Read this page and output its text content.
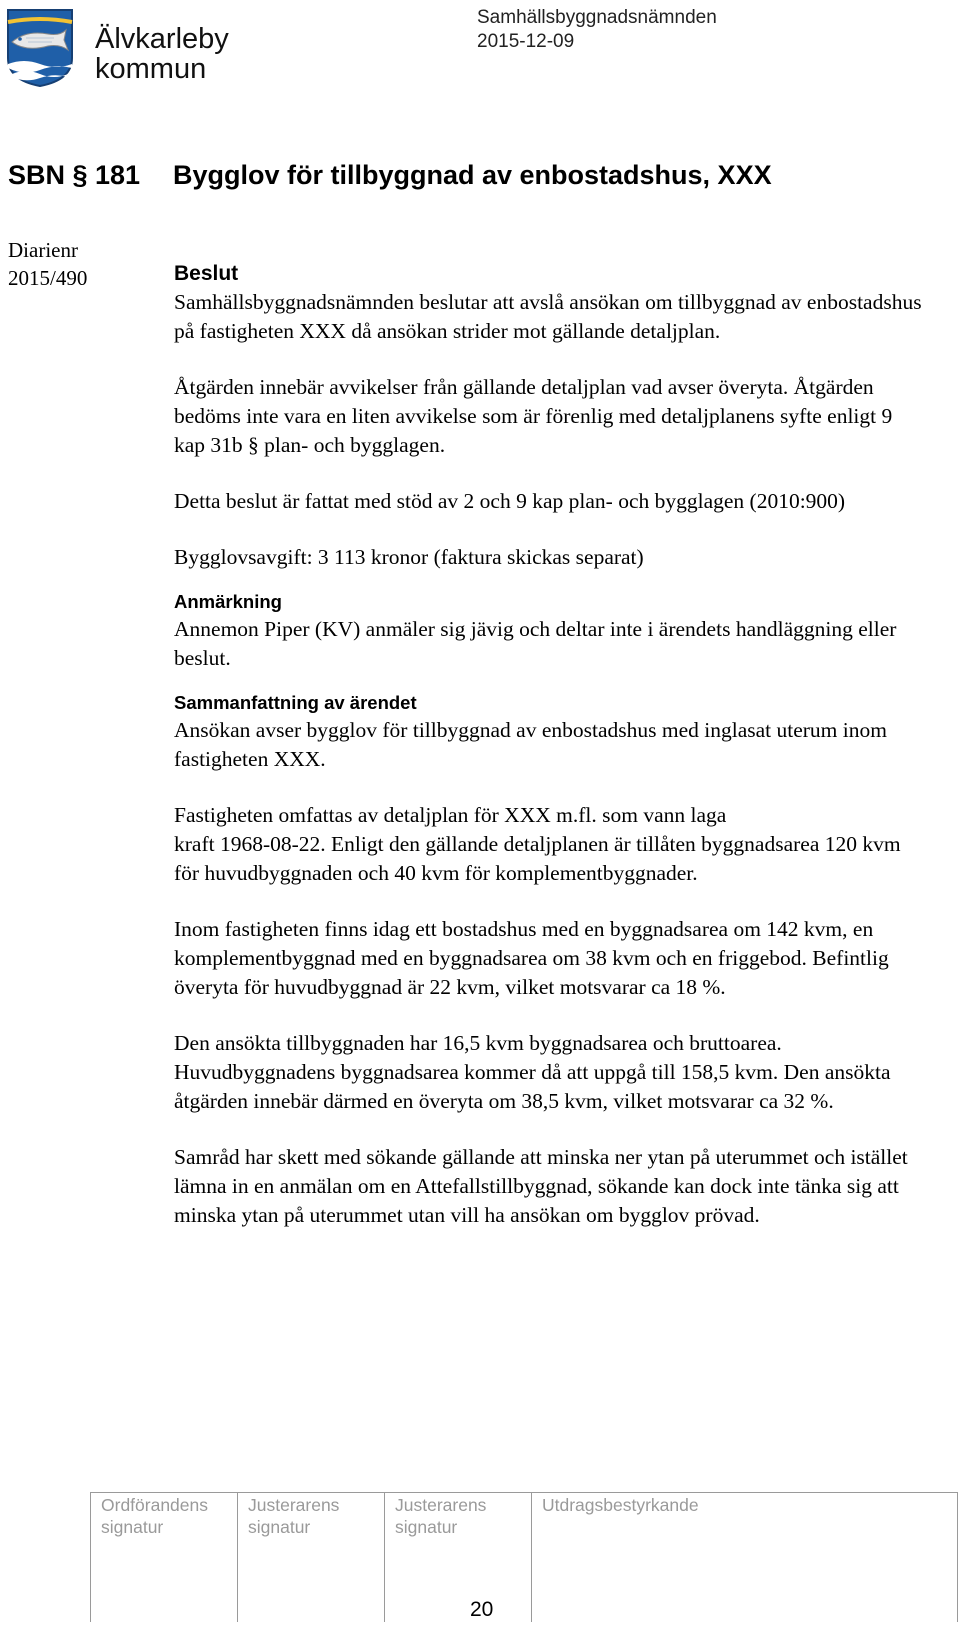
Älvkarleby
kommun
Samhällsbyggnadsnämnden
2015-12-09
SBN § 181 Bygglov för tillbyggnad av enbostadshus, XXX
Diarienr
2015/490	Beslut

Samhällsbyggnadsnämnden beslutar att avslå ansökan om tillbyggnad av enbostadshus på fastigheten XXX då ansökan strider mot gällande detaljplan.

Åtgärden innebär avvikelser från gällande detaljplan vad avser överyta. Åtgärden bedöms inte vara en liten avvikelse som är förenlig med detaljplanens syfte enligt 9 kap 31b § plan- och bygglagen.

Detta beslut är fattat med stöd av 2 och 9 kap plan- och bygglagen (2010:900)

Bygglovsavgift: 3 113 kronor (faktura skickas separat)

Anmärkning

Annemon Piper (KV) anmäler sig jävig och deltar inte i ärendets handläggning eller beslut.

Sammanfattning av ärendet

Ansökan avser bygglov för tillbyggnad av enbostadshus med inglasat uterum inom fastigheten XXX.

Fastigheten omfattas av detaljplan för XXX m.fl. som vann laga
kraft 1968-08-22. Enligt den gällande detaljplanen är tillåten byggnadsarea 120 kvm för huvudbyggnaden och 40 kvm för komplementbyggnader.

Inom fastigheten finns idag ett bostadshus med en byggnadsarea om 142 kvm, en komplementbyggnad med en byggnadsarea om 38 kvm och en friggebod. Befintlig överyta för huvudbyggnad är 22 kvm, vilket motsvarar ca 18 %.

Den ansökta tillbyggnaden har 16,5 kvm byggnadsarea och bruttoarea. Huvudbyggnadens byggnadsarea kommer då att uppgå till 158,5 kvm. Den ansökta åtgärden innebär därmed en överyta om 38,5 kvm, vilket motsvarar ca 32 %.

Samråd har skett med sökande gällande att minska ner ytan på uterummet och istället lämna in en anmälan om en Attefallstillbyggnad, sökande kan dock inte tänka sig att minska ytan på uterummet utan vill ha ansökan om bygglov prövad.

Ordförandens
signatur
Justerarens
signatur
Justerarens
signatur
Utdragsbestyrkande

20
